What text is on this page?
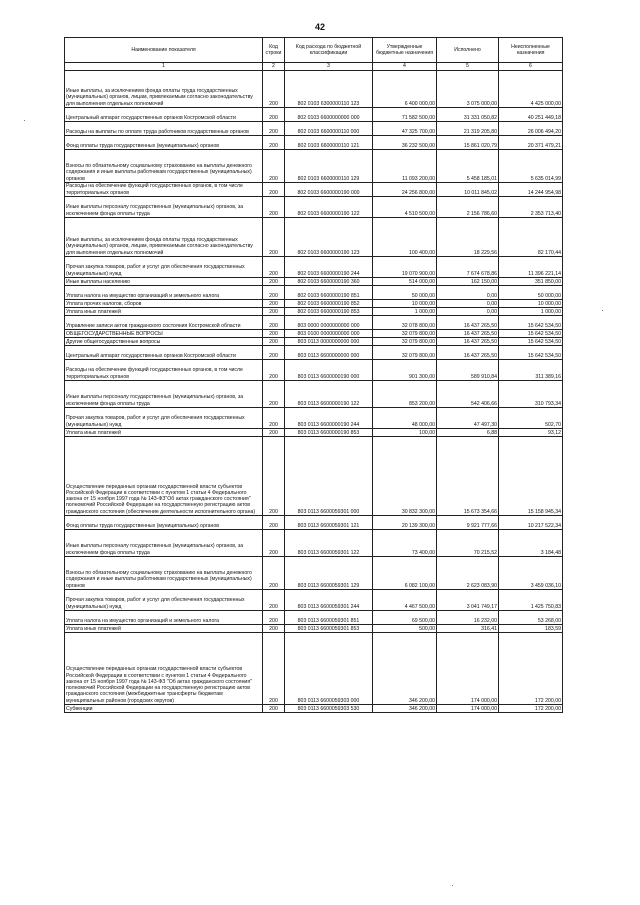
42
Наименование показателя	Код строки	Код расхода по бюджетной классификации	Утвержденные бюджетные назначения	Исполнено	Неисполненные назначения
1	2	3	4	5	6
Иные выплаты, за исключением фонда оплаты труда государственных (муниципальных) органов, лицам, привлекаемым согласно законодательству для выполнения отдельных полномочий	200	802 0103 6300000110 123	6 400 000,00	3 075 000,00	4 425 000,00
Центральный аппарат государственных органов Костромской области	200	802 0103 6600000000 000	71 582 500,00	31 331 050,82	40 251 449,18
Расходы на выплаты по оплате труда работников государственных органов	200	802 0103 6600000110 000	47 325 700,00	21 319 205,80	26 006 494,20
Фонд оплаты труда государственных (муниципальных) органов	200	802 0103 6600000110 121	36 232 500,00	15 861 020,79	20 371 479,21
Взносы по обязательному социальному страхованию на выплаты денежного содержания и иные выплаты работникам государственных (муниципальных) органов	200	802 0103 6600000110 129	11 093 200,00	5 458 185,01	5 635 014,99
Расходы на обеспечение функций государственных органов, в том числе территориальных органов	200	802 0103 6600000190 000	24 256 800,00	10 011 845,02	14 244 954,98
Иные выплаты персоналу государственных (муниципальных) органов, за исключением фонда оплаты труда	200	802 0103 6600000190 122	4 510 500,00	2 156 786,60	2 353 713,40
Иные выплаты, за исключением фонда оплаты труда государственных (муниципальных) органов, лицам, привлекаемым согласно законодательству для выполнения отдельных полномочий	200	802 0103 6600000190 123	100 400,00	18 229,56	82 170,44
Прочая закупка товаров, работ и услуг для обеспечения государственных (муниципальных) нужд	200	802 0103 6600000190 244	19 070 900,00	7 674 678,86	11 396 221,14
Иные выплаты населению	200	802 0103 6600000190 360	514 000,00	162 150,00	351 850,00
Уплата налога на имущество организаций и земельного налога	200	802 0103 6600000190 851	50 000,00	0,00	50 000,00
Уплата прочих налогов, сборов	200	802 0103 6600000190 852	10 000,00	0,00	10 000,00
Уплата иных платежей	200	802 0103 6600000190 853	1 000,00	0,00	1 000,00
Управление записи актов гражданского состояния Костромской области	200	803 0000 0000000000 000	32 078 800,00	16 437 265,50	15 642 534,50
ОБЩЕГОСУДАРСТВЕННЫЕ ВОПРОСЫ	200	803 0100 0000000000 000	32 079 800,00	16 437 265,50	15 642 534,50
Другие общегосударственные вопросы	200	803 0113 0000000000 000	32 079 800,00	16 437 265,50	15 642 534,50
Центральный аппарат государственных органов Костромской области	200	803 0113 6600000000 000	32 079 800,00	16 437 265,50	15 642 534,50
Расходы на обеспечение функций государственных органов, в том числе территориальных органов	200	803 0113 6600000190 000	901 300,00	589 910,84	311 389,16
Иные выплаты персоналу государственных (муниципальных) органов, за исключением фонда оплаты труда	200	803 0113 6600000190 122	853 200,00	542 406,66	310 793,34
Прочая закупка товаров, работ и услуг для обеспечения государственных (муниципальных) нужд	200	803 0113 6600000190 244	48 000,00	47 497,30	502,70
Уплата иных платежей	200	803 0113 6600000190 853	100,00	6,88	93,12
Осуществление переданных органам государственной власти субъектов Российской Федерации в соответствии с пунктом 1 статьи 4 Федерального закона от 15 ноября 1997 года № 143-ФЗ"Об актах гражданского состояния" полномочий Российской Федерации на государственную регистрацию актов гражданского состояния (обеспечение деятельности исполнительного органа)	200	803 0113 6600059301 000	30 832 300,00	15 673 354,66	15 158 945,34
Фонд оплаты труда государственных (муниципальных) органов	200	803 0113 6600059301 121	20 139 300,00	9 921 777,66	10 217 522,34
Иные выплаты персоналу государственных (муниципальных) органов, за исключением фонда оплаты труда	200	803 0113 6600059301 122	73 400,00	70 215,52	3 184,48
Взносы по обязательному социальному страхованию на выплаты денежного содержания и иные выплаты работникам государственных (муниципальных) органов	200	803 0113 6600059301 129	6 082 100,00	2 623 083,90	3 459 036,10
Прочая закупка товаров, работ и услуг для обеспечения государственных (муниципальных) нужд	200	803 0113 6600059301 244	4 467 500,00	3 041 749,17	1 425 750,83
Уплата налога на имущество организаций и земельного налога	200	803 0113 6600059301 851	69 500,00	16 232,00	53 268,00
Уплата иных платежей	200	803 0113 6600059301 853	500,00	316,41	183,59
Осуществление переданных органам государственной власти субъектов Российской Федерации в соответствии с пунктом 1 статьи 4 Федерального закона от 15 ноября 1997 года № 143-ФЗ "Об актах гражданского состояния" полномочий Российской Федерации на государственную регистрацию актов гражданского состояния (межбюджетные трансферты бюджетам муниципальных районов (городских округов)	200	803 0113 6600059303 000	346 200,00	174 000,00	172 200,00
Субвенции	200	803 0113 6600059303 530	346 200,00	174 000,00	172 200,00
